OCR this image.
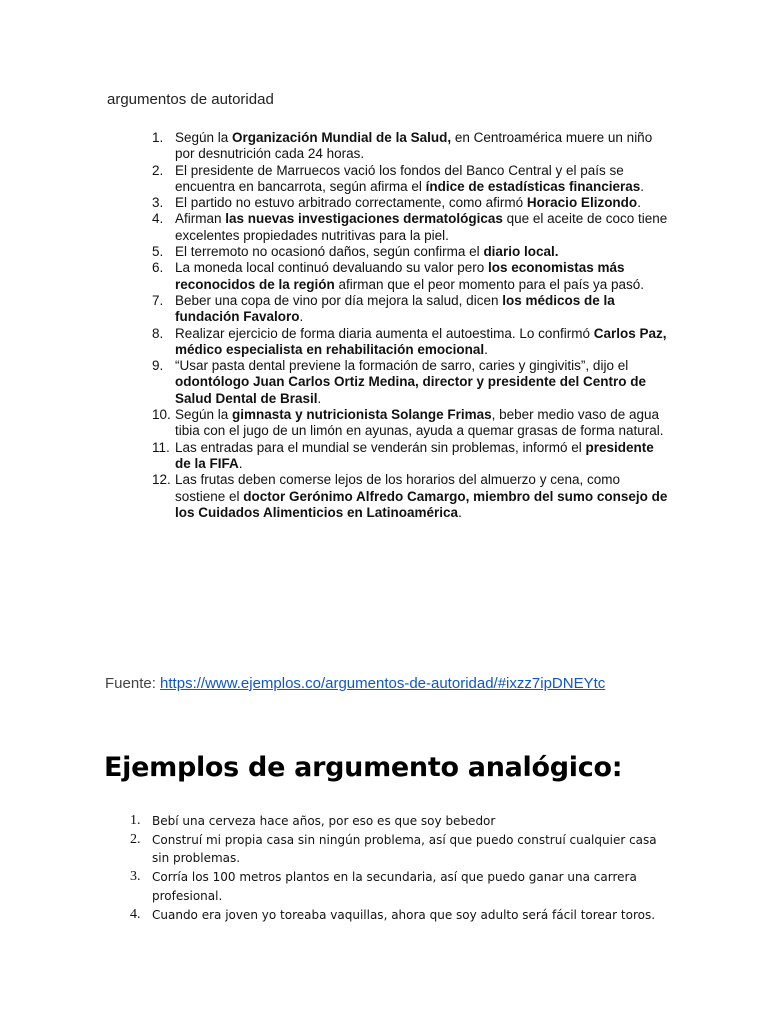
argumentos de autoridad
1. Según la Organización Mundial de la Salud, en Centroamérica muere un niño por desnutrición cada 24 horas.
2. El presidente de Marruecos vació los fondos del Banco Central y el país se encuentra en bancarrota, según afirma el índice de estadísticas financieras.
3. El partido no estuvo arbitrado correctamente, como afirmó Horacio Elizondo.
4. Afirman las nuevas investigaciones dermatológicas que el aceite de coco tiene excelentes propiedades nutritivas para la piel.
5. El terremoto no ocasionó daños, según confirma el diario local.
6. La moneda local continuó devaluando su valor pero los economistas más reconocidos de la región afirman que el peor momento para el país ya pasó.
7. Beber una copa de vino por día mejora la salud, dicen los médicos de la fundación Favaloro.
8. Realizar ejercicio de forma diaria aumenta el autoestima. Lo confirmó Carlos Paz, médico especialista en rehabilitación emocional.
9. “Usar pasta dental previene la formación de sarro, caries y gingivitis”, dijo el odontólogo Juan Carlos Ortiz Medina, director y presidente del Centro de Salud Dental de Brasil.
10. Según la gimnasta y nutricionista Solange Frimas, beber medio vaso de agua tibia con el jugo de un limón en ayunas, ayuda a quemar grasas de forma natural.
11. Las entradas para el mundial se venderán sin problemas, informó el presidente de la FIFA.
12. Las frutas deben comerse lejos de los horarios del almuerzo y cena, como sostiene el doctor Gerónimo Alfredo Camargo, miembro del sumo consejo de los Cuidados Alimenticios en Latinoamérica.

Fuente: https://www.ejemplos.co/argumentos-de-autoridad/#ixzz7ipDNEYtc

Ejemplos de argumento analógico:
1. Bebí una cerveza hace años, por eso es que soy bebedor
2. Construí mi propia casa sin ningún problema, así que puedo construí cualquier casa sin problemas.
3. Corría los 100 metros plantos en la secundaria, así que puedo ganar una carrera profesional.
4. Cuando era joven yo toreaba vaquillas, ahora que soy adulto será fácil torear toros.
